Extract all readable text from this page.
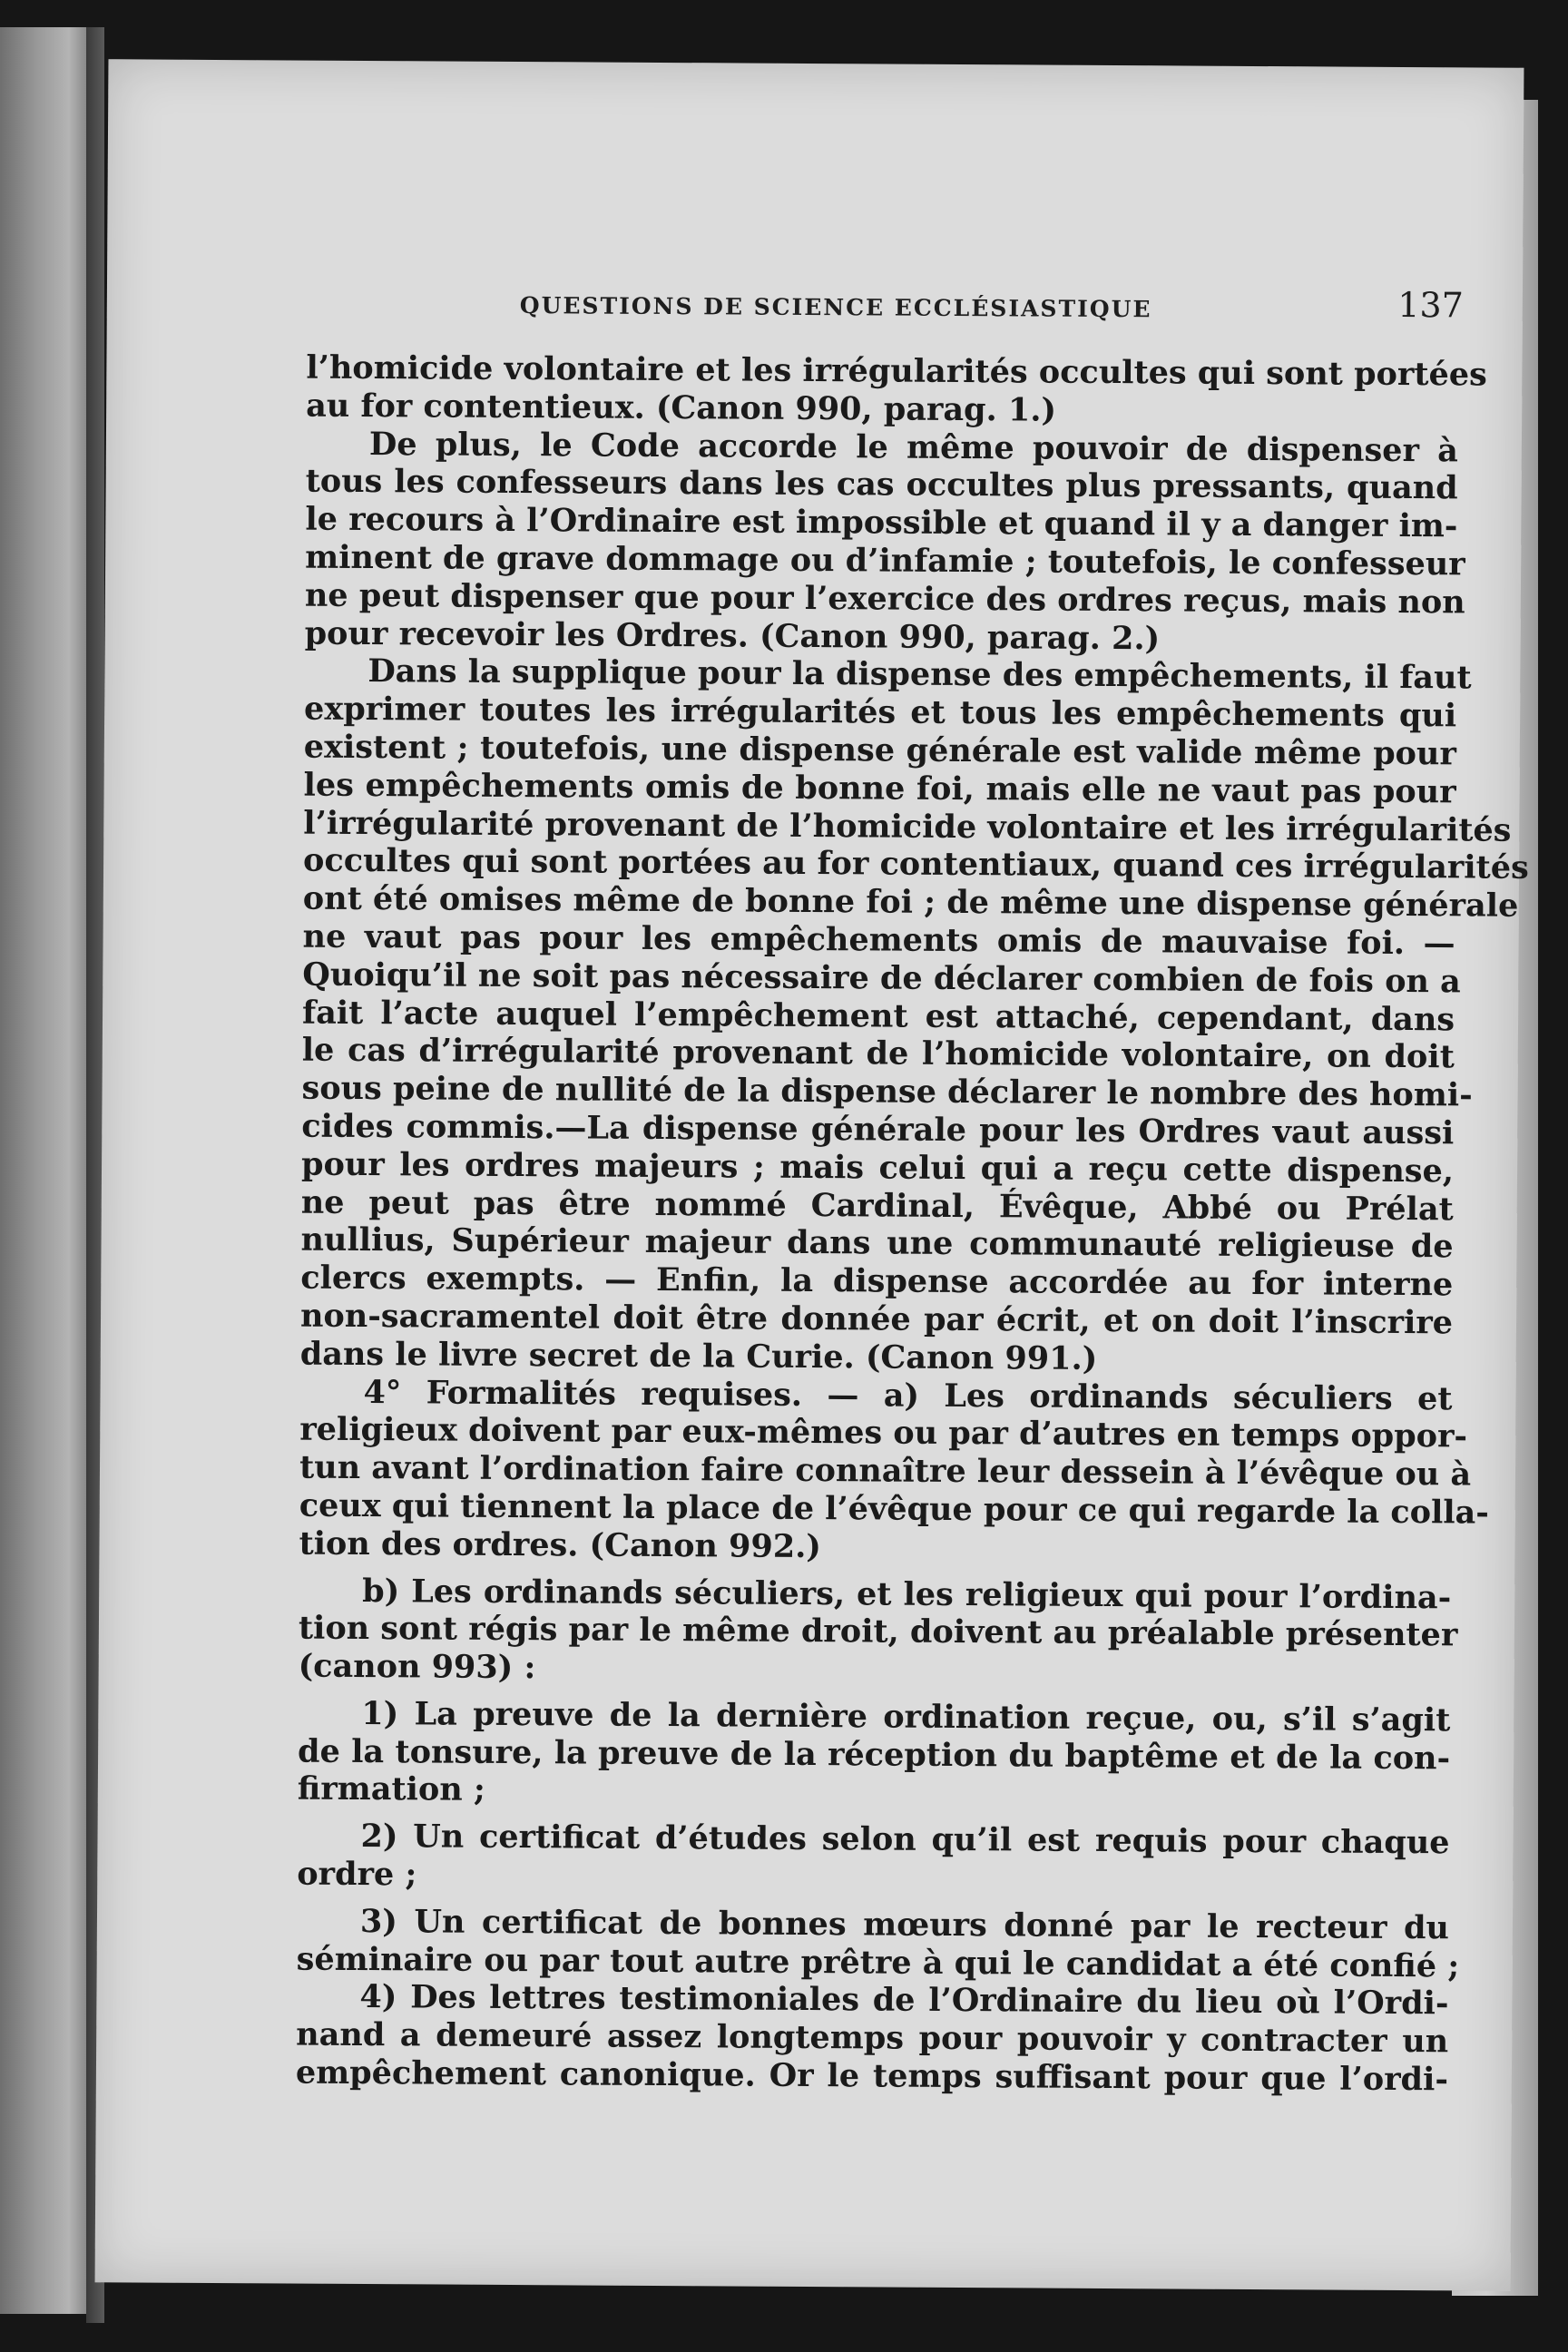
QUESTIONS DE SCIENCE ECCLÉSIASTIQUE	137
l’homicide volontaire et les irrégularités occultes qui sont portées
au for contentieux. (Canon 990, parag. 1.)
De plus, le Code accorde le même pouvoir de dispenser à
tous les confesseurs dans les cas occultes plus pressants, quand
le recours à l’Ordinaire est impossible et quand il y a danger im-
minent de grave dommage ou d’infamie ; toutefois, le confesseur
ne peut dispenser que pour l’exercice des ordres reçus, mais non
pour recevoir les Ordres. (Canon 990, parag. 2.)
Dans la supplique pour la dispense des empêchements, il faut
exprimer toutes les irrégularités et tous les empêchements qui
existent ; toutefois, une dispense générale est valide même pour
les empêchements omis de bonne foi, mais elle ne vaut pas pour
l’irrégularité provenant de l’homicide volontaire et les irrégularités
occultes qui sont portées au for contentiaux, quand ces irrégularités
ont été omises même de bonne foi ; de même une dispense générale
ne vaut pas pour les empêchements omis de mauvaise foi. —
Quoiqu’il ne soit pas nécessaire de déclarer combien de fois on a
fait l’acte auquel l’empêchement est attaché, cependant, dans
le cas d’irrégularité provenant de l’homicide volontaire, on doit
sous peine de nullité de la dispense déclarer le nombre des homi-
cides commis.—La dispense générale pour les Ordres vaut aussi
pour les ordres majeurs ; mais celui qui a reçu cette dispense,
ne peut pas être nommé Cardinal, Évêque, Abbé ou Prélat
nullius, Supérieur majeur dans une communauté religieuse de
clercs exempts. — Enfin, la dispense accordée au for interne
non-sacramentel doit être donnée par écrit, et on doit l’inscrire
dans le livre secret de la Curie. (Canon 991.)
4° Formalités requises. — a) Les ordinands séculiers et
religieux doivent par eux-mêmes ou par d’autres en temps oppor-
tun avant l’ordination faire connaître leur dessein à l’évêque ou à
ceux qui tiennent la place de l’évêque pour ce qui regarde la colla-
tion des ordres. (Canon 992.)
b) Les ordinands séculiers, et les religieux qui pour l’ordina-
tion sont régis par le même droit, doivent au préalable présenter
(canon 993) :
1) La preuve de la dernière ordination reçue, ou, s’il s’agit
de la tonsure, la preuve de la réception du baptême et de la con-
firmation ;
2) Un certificat d’études selon qu’il est requis pour chaque
ordre ;
3) Un certificat de bonnes mœurs donné par le recteur du
séminaire ou par tout autre prêtre à qui le candidat a été confié ;
4) Des lettres testimoniales de l’Ordinaire du lieu où l’Ordi-
nand a demeuré assez longtemps pour pouvoir y contracter un
empêchement canonique. Or le temps suffisant pour que l’ordi-
